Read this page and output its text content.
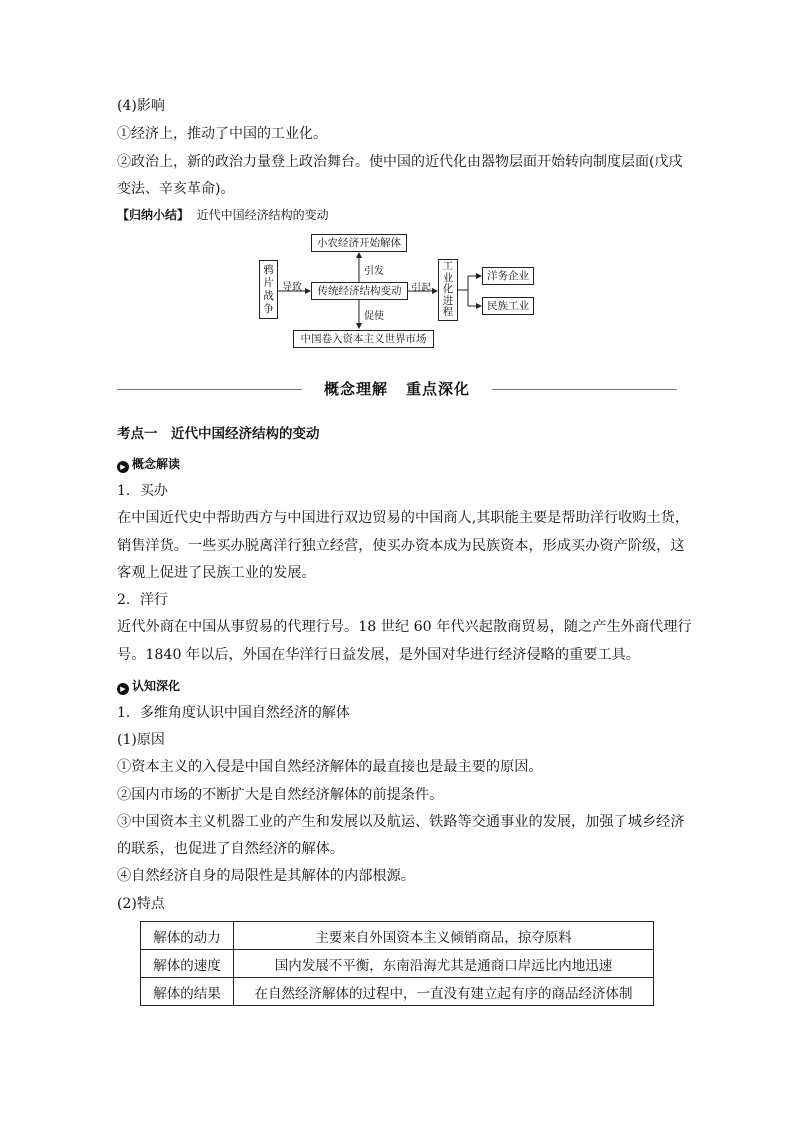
(4)影响
①经济上，推动了中国的工业化。
②政治上，新的政治力量登上政治舞台。使中国的近代化由器物层面开始转向制度层面(戊戌
变法、辛亥革命)。
【归纳小结】 近代中国经济结构的变动
鸦
片
战
争
导致
小农经济开始解体
引发
传统经济结构变动
促使
中国卷入资本主义世界市场
引起
工
业
化
进
程
洋务企业
民族工业
概念理解 重点深化
考点一　近代中国经济结构的变动
▶ 概念解读
1．买办
在中国近代史中帮助西方与中国进行双边贸易的中国商人,其职能主要是帮助洋行收购土货，
销售洋货。一些买办脱离洋行独立经营，使买办资本成为民族资本，形成买办资产阶级，这
客观上促进了民族工业的发展。
2．洋行
近代外商在中国从事贸易的代理行号。18 世纪 60 年代兴起散商贸易，随之产生外商代理行
号。1840 年以后，外国在华洋行日益发展，是外国对华进行经济侵略的重要工具。
▶ 认知深化
1．多维角度认识中国自然经济的解体
(1)原因
①资本主义的入侵是中国自然经济解体的最直接也是最主要的原因。
②国内市场的不断扩大是自然经济解体的前提条件。
③中国资本主义机器工业的产生和发展以及航运、铁路等交通事业的发展，加强了城乡经济
的联系，也促进了自然经济的解体。
④自然经济自身的局限性是其解体的内部根源。
(2)特点
解体的动力	主要来自外国资本主义倾销商品，掠夺原料
解体的速度	国内发展不平衡，东南沿海尤其是通商口岸远比内地迅速
解体的结果	在自然经济解体的过程中，一直没有建立起有序的商品经济体制
